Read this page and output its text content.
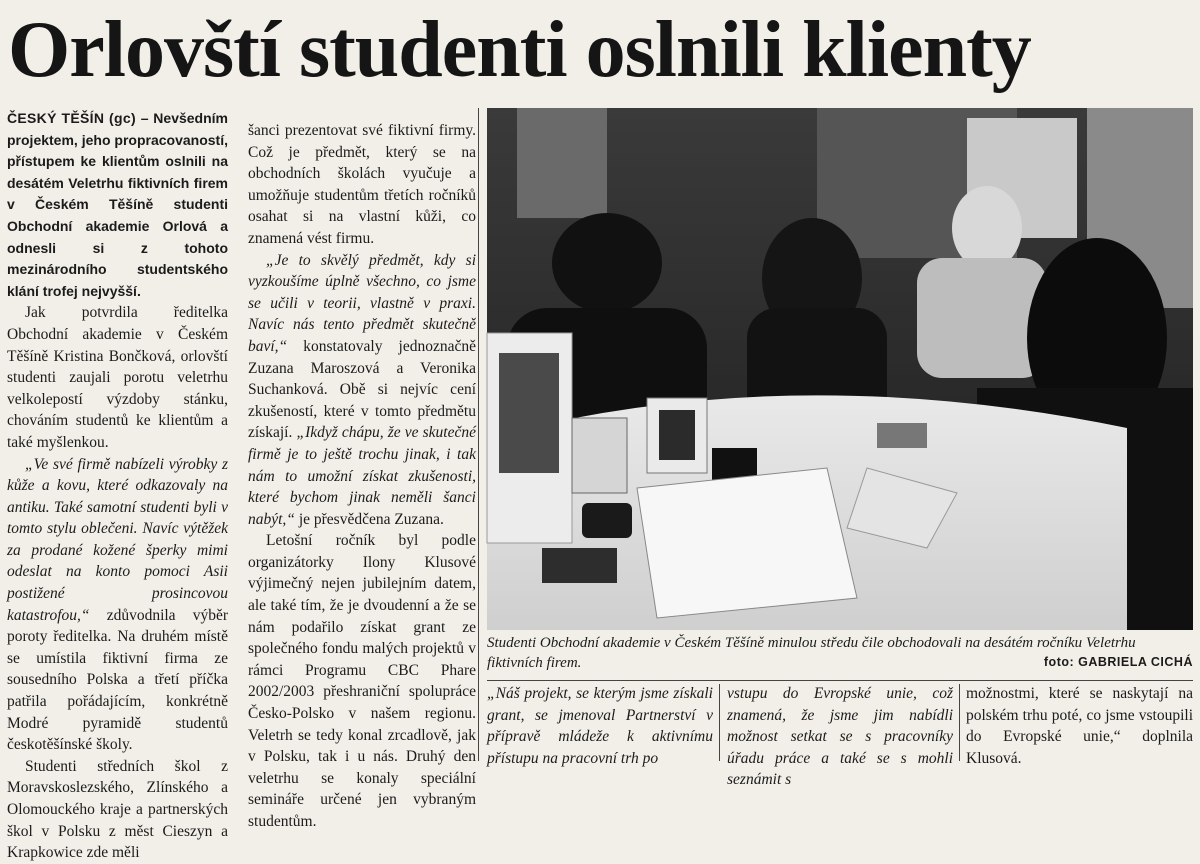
Orlovští studenti oslnili klienty

ČESKÝ TĚŠÍN (gc) – Nevšedním projektem, jeho propracovaností, přístupem ke klientům oslnili na desátém Veletrhu fiktivních firem v Českém Těšíně studenti Obchodní akademie Orlová a odnesli si z tohoto mezinárodního studentského klání trofej nejvyšší.

Jak potvrdila ředitelka Obchodní akademie v Českém Těšíně Kristina Bončková, orlovští studenti zaujali porotu veletrhu velkolepostí výzdoby stánku, chováním studentů ke klientům a také myšlenkou.

„Ve své firmě nabízeli výrobky z kůže a kovu, které odkazovaly na antiku. Také samotní studenti byli v tomto stylu oblečeni. Navíc výtěžek za prodané kožené šperky mimi odeslat na konto pomoci Asii postižené prosincovou katastrofou,“ zdůvodnila výběr poroty ředitelka. Na druhém místě se umístila fiktivní firma ze sousedního Polska a třetí příčka patřila pořádajícím, konkrétně Modré pyramidě studentů českotěšínské školy.

Studenti středních škol z Moravskoslezského, Zlínského a Olomouckého kraje a partnerských škol v Polsku z měst Cieszyn a Krapkowice zde měli

šanci prezentovat své fiktivní firmy. Což je předmět, který se na obchodních školách vyučuje a umožňuje studentům třetích ročníků osahat si na vlastní kůži, co znamená vést firmu.

„Je to skvělý předmět, kdy si vyzkoušíme úplně všechno, co jsme se učili v teorii, vlastně v praxi. Navíc nás tento předmět skutečně baví,“ konstatovaly jednoznačně Zuzana Maroszová a Veronika Suchanková. Obě si nejvíc cení zkušeností, které v tomto předmětu získají. „Ikdyž chápu, že ve skutečné firmě je to ještě trochu jinak, i tak nám to umožní získat zkušenosti, které bychom jinak neměli šanci nabýt,“ je přesvědčena Zuzana.

Letošní ročník byl podle organizátorky Ilony Klusové výjimečný nejen jubilejním datem, ale také tím, že je dvoudenní a že se nám podařilo získat grant ze společného fondu malých projektů v rámci Programu CBC Phare 2002/2003 přeshraniční spolupráce Česko-Polsko v našem regionu. Veletrh se tedy konal zrcadlově, jak v Polsku, tak i u nás. Druhý den veletrhu se konaly speciální semináře určené jen vybraným studentům.

Studenti Obchodní akademie v Českém Těšíně minulou středu čile obchodovali na desátém ročníku Veletrhu fiktivních firem.	foto: GABRIELA CICHÁ

„Náš projekt, se kterým jsme získali grant, se jmenoval Partnerství v přípravě mládeže k aktivnímu přístupu na pracovní trh po

vstupu do Evropské unie, což znamená, že jsme jim nabídli možnost setkat se s pracovníky úřadu práce a také se s mohli seznámit s

možnostmi, které se naskytají na polském trhu poté, co jsme vstoupili do Evropské unie,“ doplnila Klusová.
